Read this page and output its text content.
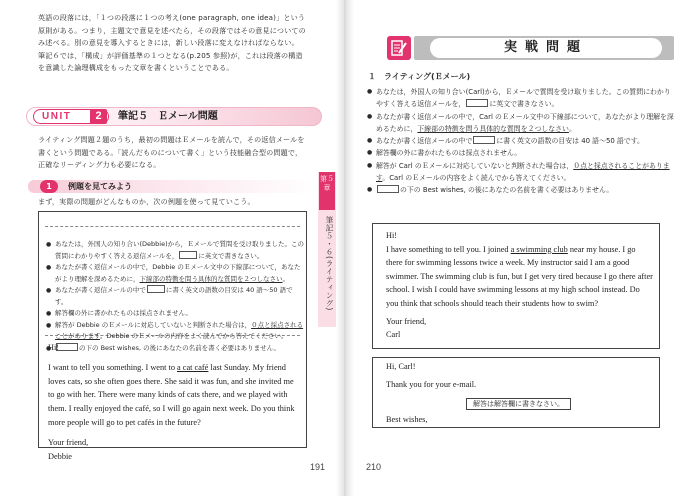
英語の段落には，「１つの段落に１つの考え(one paragraph, one idea)」という原則がある。つまり，主題文で意見を述べたら，その段落ではその意見についてのみ述べる。別の意見を導入するときには，新しい段落に変えなければならない。筆記６では，「構成」が評価基準の１つとなる(p.205 参照)が，これは段落の構造を意識した論理構成をもった文章を書くということである。
UNIT	2	筆記５　Ｅメール問題
ライティング問題２題のうち，最初の問題はＥメールを読んで，その返信メールを書くという問題である。「読んだものについて書く」という技能融合型の問題で，正確なリーディング力も必要になる。
1	例題を見てみよう
まず，実際の問題がどんなものか，次の例題を使って見ていこう。
● あなたは，外国人の知り合い(Debbie)から，Ｅメールで質問を受け取りました。この質問にわかりやすく答える返信メールを，	に英文で書きなさい。
● あなたが書く返信メールの中で，Debbie のＥメール文中の下線部について，あなたがより理解を深めるために，下線部の特徴を問う具体的な質問を２つしなさい。
● あなたが書く返信メールの中で	に書く英文の語数の目安は 40 語〜50 語です。
● 解答欄の外に書かれたものは採点されません。
● 解答が Debbie のＥメールに対応していないと判断された場合は，０点と採点されることがあります。Debbie のＥメールの内容をよく読んでから答えてください。
● の下の Best wishes, の後にあなたの名前を書く必要はありません。
Hi!
I want to tell you something. I went to a cat café last Sunday. My friend loves cats, so she often goes there. She said it was fun, and she invited me to go with her. There were many kinds of cats there, and we played with them. I really enjoyed the café, so I will go again next week. Do you think more people will go to pet cafés in the future?
Your friend,
Debbie
191
第５章
筆記５・６(ライティング)
実戦問題
１　ライティング(Ｅメール)
● あなたは，外国人の知り合い(Carl)から，Ｅメールで質問を受け取りました。この質問にわかりやすく答える返信メールを，	に英文で書きなさい。
● あなたが書く返信メールの中で，Carl のＥメール文中の下線部について，あなたがより理解を深めるために，下線部の特徴を問う具体的な質問を２つしなさい。
● あなたが書く返信メールの中で	に書く英文の語数の目安は 40 語〜50 語です。
● 解答欄の外に書かれたものは採点されません。
● 解答が Carl のＥメールに対応していないと判断された場合は，０点と採点されることがあります。Carl のＥメールの内容をよく読んでから答えてください。
● の下の Best wishes, の後にあなたの名前を書く必要はありません。
Hi!
I have something to tell you. I joined a swimming club near my house. I go there for swimming lessons twice a week. My instructor said I am a good swimmer. The swimming club is fun, but I get very tired because I go there after school. I wish I could have swimming lessons at my high school instead. Do you think that schools should teach their students how to swim?
Your friend,
Carl
Hi, Carl!
Thank you for your e-mail.
解答は解答欄に書きなさい。
Best wishes,
210
